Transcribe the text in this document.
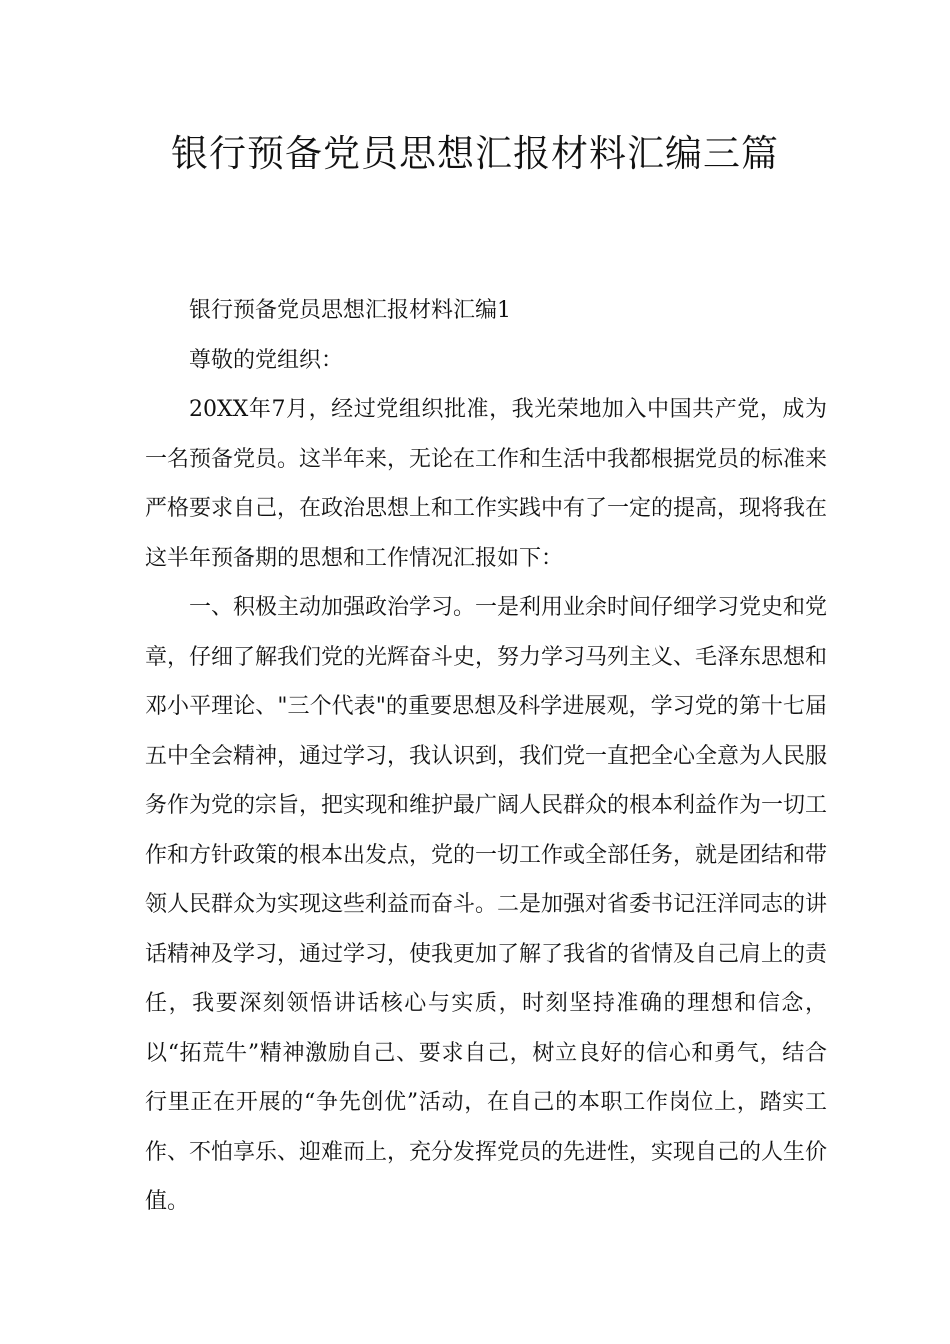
银行预备党员思想汇报材料汇编三篇

银行预备党员思想汇报材料汇编1

尊敬的党组织：

20XX年7月，经过党组织批准，我光荣地加入中国共产党，成为一名预备党员。这半年来，无论在工作和生活中我都根据党员的标准来严格要求自己，在政治思想上和工作实践中有了一定的提高，现将我在这半年预备期的思想和工作情况汇报如下：

一、积极主动加强政治学习。一是利用业余时间仔细学习党史和党章，仔细了解我们党的光辉奋斗史，努力学习马列主义、毛泽东思想和邓小平理论、"三个代表"的重要思想及科学进展观，学习党的第十七届五中全会精神，通过学习，我认识到，我们党一直把全心全意为人民服务作为党的宗旨，把实现和维护最广阔人民群众的根本利益作为一切工作和方针政策的根本出发点，党的一切工作或全部任务，就是团结和带领人民群众为实现这些利益而奋斗。二是加强对省委书记汪洋同志的讲话精神及学习，通过学习，使我更加了解了我省的省情及自己肩上的责任，我要深刻领悟讲话核心与实质，时刻坚持准确的理想和信念，以“拓荒牛”精神激励自己、要求自己，树立良好的信心和勇气，结合行里正在开展的“争先创优”活动，在自己的本职工作岗位上，踏实工作、不怕享乐、迎难而上，充分发挥党员的先进性，实现自己的人生价值。
